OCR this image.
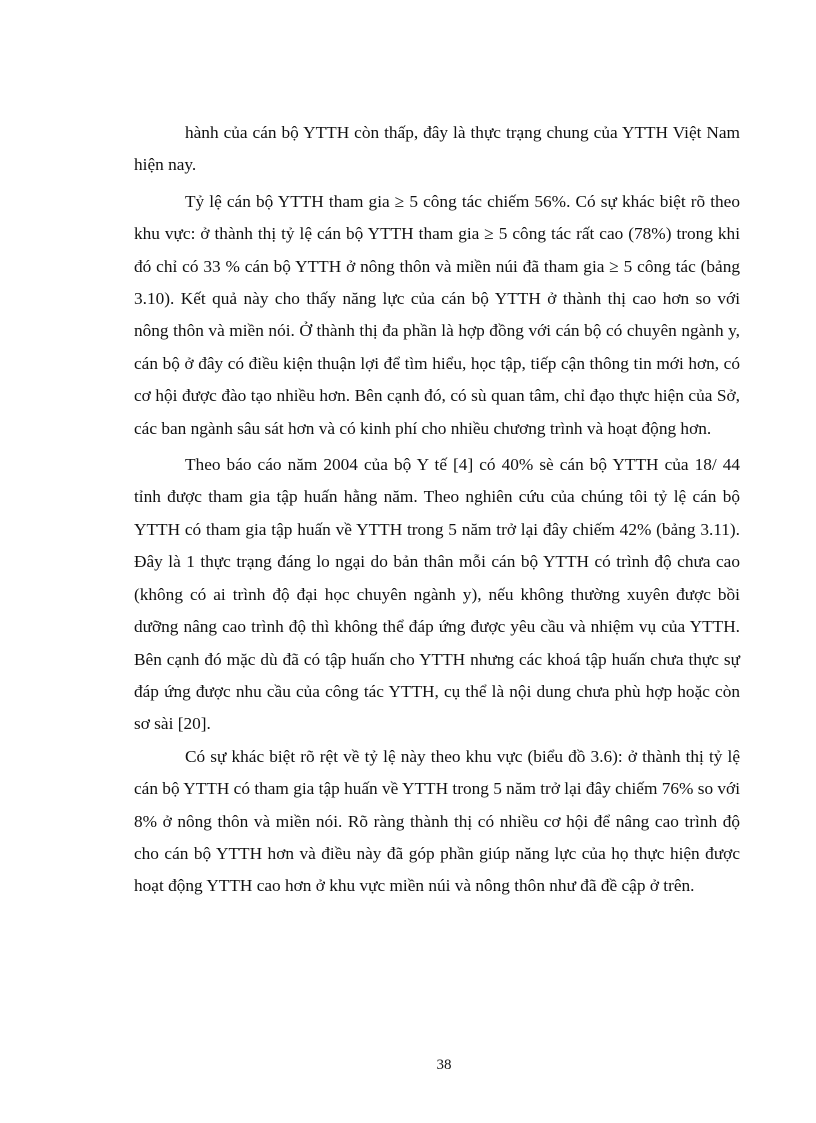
hành của cán bộ YTTH còn thấp, đây là thực trạng chung của YTTH Việt Nam hiện nay.

Tỷ lệ cán bộ YTTH tham gia ≥ 5 công tác chiếm 56%. Có sự khác biệt rõ theo khu vực: ở thành thị tỷ lệ cán bộ YTTH tham gia ≥ 5 công tác rất cao (78%) trong khi đó chỉ có 33 % cán bộ YTTH ở nông thôn và miền núi đã tham gia ≥ 5 công tác (bảng 3.10). Kết quả này cho thấy năng lực của cán bộ YTTH ở thành thị cao hơn so với nông thôn và miền nói. Ở thành thị đa phần là hợp đồng với cán bộ có chuyên ngành y, cán bộ ở đây có điều kiện thuận lợi để tìm hiểu, học tập, tiếp cận thông tin mới hơn, có cơ hội được đào tạo nhiều hơn. Bên cạnh đó, có sù quan tâm, chỉ đạo thực hiện của Sở, các ban ngành sâu sát hơn và có kinh phí cho nhiều chương trình và hoạt động hơn.

Theo báo cáo năm 2004 của bộ Y tế [4] có 40% sè cán bộ YTTH của 18/ 44 tỉnh được tham gia tập huấn hằng năm. Theo nghiên cứu của chúng tôi tỷ lệ cán bộ YTTH có tham gia tập huấn về YTTH trong 5 năm trở lại đây chiếm 42% (bảng 3.11). Đây là 1 thực trạng đáng lo ngại do bản thân mỗi cán bộ YTTH có trình độ chưa cao (không có ai trình độ đại học chuyên ngành y), nếu không thường xuyên được bồi dưỡng nâng cao trình độ thì không thể đáp ứng được yêu cầu và nhiệm vụ của YTTH. Bên cạnh đó mặc dù đã có tập huấn cho YTTH nhưng các khoá tập huấn chưa thực sự đáp ứng được nhu cầu của công tác YTTH, cụ thể là nội dung chưa phù hợp hoặc còn sơ sài [20].

Có sự khác biệt rõ rệt về tỷ lệ này theo khu vực (biểu đồ 3.6): ở thành thị tỷ lệ cán bộ YTTH có tham gia tập huấn về YTTH trong 5 năm trở lại đây chiếm 76% so với 8% ở nông thôn và miền nói. Rõ ràng thành thị có nhiều cơ hội để nâng cao trình độ cho cán bộ YTTH hơn và điều này đã góp phần giúp năng lực của họ thực hiện được hoạt động YTTH cao hơn ở khu vực miền núi và nông thôn như đã đề cập ở trên.

38
